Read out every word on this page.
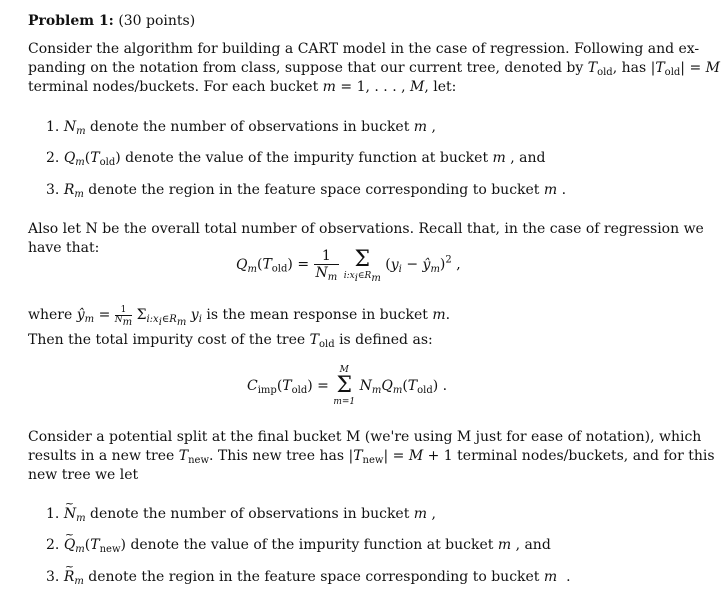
Problem 1: (30 points)
Consider the algorithm for building a CART model in the case of regression. Following and ex-
panding on the notation from class, suppose that our current tree, denoted by $T_{old}$, has $|T_{old}| = M$
terminal nodes/buckets. For each bucket m = 1, . . . , M, let:
1. $N_m$ denote the number of observations in bucket m ,
2. $Q_m(T_{old})$ denote the value of the impurity function at bucket m , and
3. $R_m$ denote the region in the feature space corresponding to bucket m .
Also let N be the overall total number of observations. Recall that, in the case of regression we
have that:
$Q_m(T_{old}) = \frac{1}{N_m}$
Σ
$i:x_i\in R_m$
($y_i$ − $ŷ_m)^2$ ,
where $ŷ_m = \frac{1}{N_m} \Sigma_{i:x_i\in R_m}$ $y_i$ is the mean response in bucket m.
Then the total impurity cost of the tree $T_{old}$ is defined as:
$C_{imp}(T_{old})$ =
M
Σ
m=1
$N_mQ_m(T_{old})$ .
Consider a potential split at the final bucket M (we're using M just for ease of notation), which
results in a new tree $T_{new}$. This new tree has $|T_{new}| = M + 1$ terminal nodes/buckets, and for this
new tree we let
1. ~ $N_m$ denote the number of observations in bucket m ,
2. ~ $Q_m(T_{new})$ denote the value of the impurity function at bucket m , and
3. ~ $R_m$ denote the region in the feature space corresponding to bucket m  .
